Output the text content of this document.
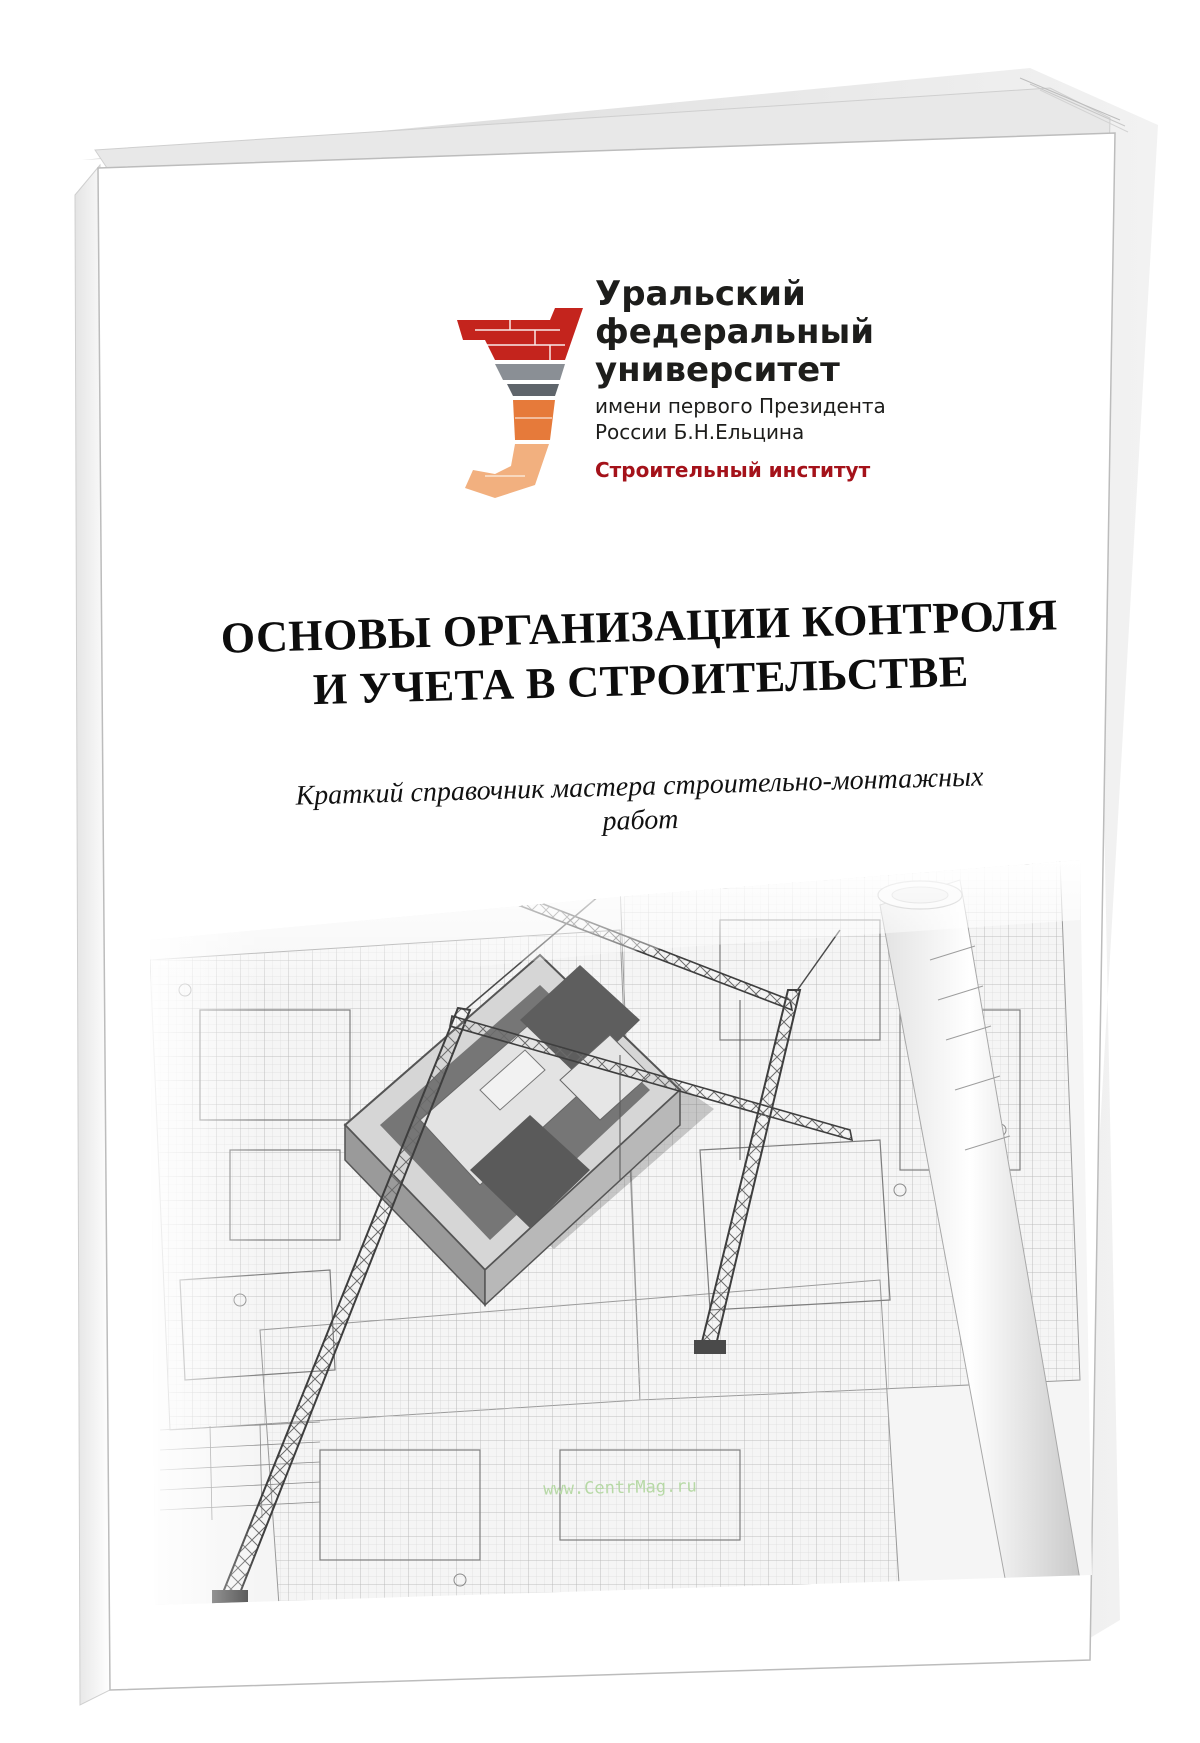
Уральский
федеральный
университет
имени первого Президента
России Б.Н.Ельцина
Строительный институт
ОСНОВЫ ОРГАНИЗАЦИИ КОНТРОЛЯ
И УЧЕТА В СТРОИТЕЛЬСТВЕ
Краткий справочник мастера строительно-монтажных
работ
www.CentrMag.ru
